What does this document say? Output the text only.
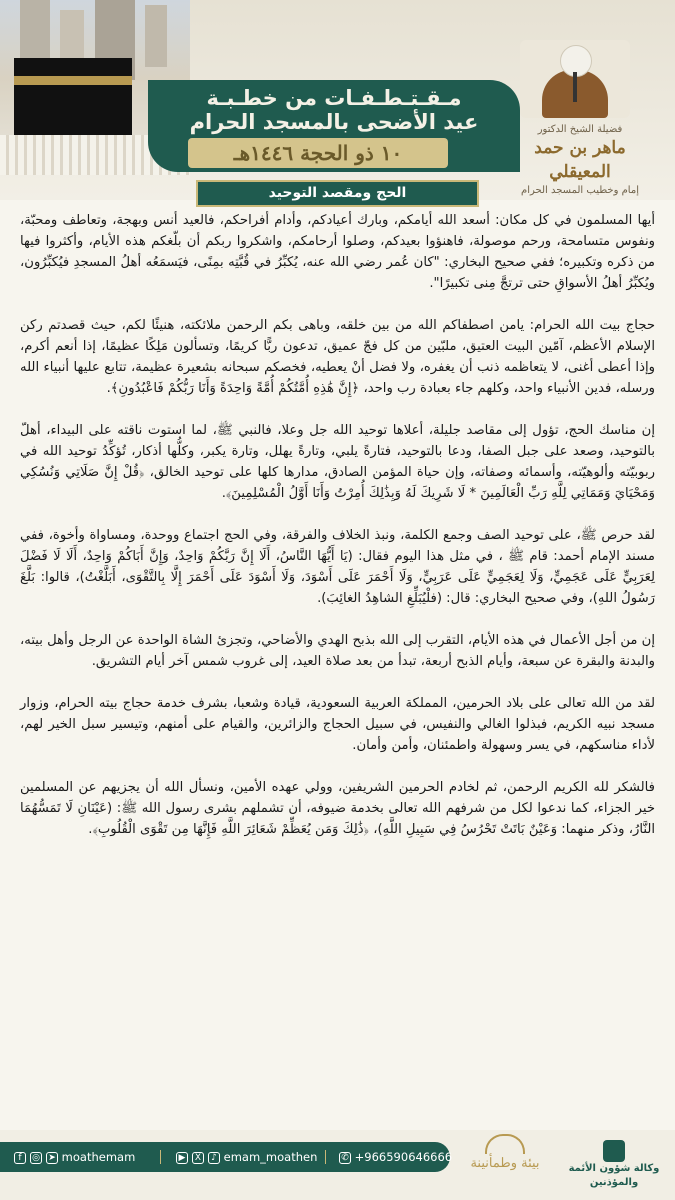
مـقـتـطـفـات من خطـبـة
عيد الأضحى بالمسجد الحرام
١٠ ذو الحجة ١٤٤٦هـ
فضيلة الشيخ الدكتور
ماهر بن حمد المعيقلي
إمام وخطيب المسجد الحرام
الحج ومقصد التوحيد

أيها المسلمون في كل مكان: أسعد الله أيامكم، وبارك أعيادكم، وأدام أفراحكم، فالعيد أنس وبهجة، وتعاطف ومحبّة، ونفوس متسامحة، ورحم موصولة، فاهنؤوا بعيدكم، وصلوا أرحامكم، واشكروا ربكم أن بلّغكم هذه الأيام، وأكثروا فيها من ذكره وتكبيره؛ ففي صحيح البخاري: "كان عُمر رضي الله عنه، يُكبِّرُ في قُبَّتِه بمِنًى، فيَسمَعُه أهلُ المسجدِ فيُكبِّرُون، ويُكبِّرُ أهلُ الأسواقِ حتى ترتجَّ مِنى تكبيرًا".

حجاج بيت الله الحرام: يامن اصطفاكم الله من بين خلقه، وباهى بكم الرحمن ملائكته، هنيئًا لكم، حيث قصدتم ركن الإسلام الأعظم، آمّين البيت العتيق، ملبّين من كل فجّ عميق، تدعون ربًّا كريمًا، وتسألون مَلِكًا عظيمًا، إذا أنعم أكرم، وإذا أعطى أغنى، لا يتعاظمه ذنب أن يغفره، ولا فضل أنْ يعطيه، فخصكم سبحانه بشعيرة عظيمة، تتابع عليها أنبياء الله ورسله، فدين الأنبياء واحد، وكلهم جاء بعبادة رب واحد، ﴿إِنَّ هَٰذِهِ أُمَّتُكُمْ أُمَّةً وَاحِدَةً وَأَنَا رَبُّكُمْ فَاعْبُدُونِ﴾.

إن مناسك الحج، تؤول إلى مقاصد جليلة، أعلاها توحيد الله جل وعلا، فالنبي ﷺ، لما استوت ناقته على البيداء، أهلّ بالتوحيد، وصعد على جبل الصفا، ودعا بالتوحيد، فتارةً يلبي، وتارةً يهلل، وتارة يكبر، وكلُّها أذكار، تُؤكِّدُ توحيد الله في ربوبيّته وألوهيّته، وأسمائه وصفاته، وإن حياة المؤمن الصادق، مدارها كلها على توحيد الخالق، ﴿قُلْ إِنَّ صَلَاتِي وَنُسُكِي وَمَحْيَايَ وَمَمَاتِي لِلَّهِ رَبِّ الْعَالَمِينَ * لَا شَرِيكَ لَهُ وَبِذَٰلِكَ أُمِرْتُ وَأَنَا أَوَّلُ الْمُسْلِمِينَ﴾.

لقد حرص ﷺ، على توحيد الصف وجمع الكلمة، ونبذ الخلاف والفرقة، وفي الحج اجتماع ووحدة، ومساواة وأخوة، ففي مسند الإمام أحمد: قام ﷺ ، في مثل هذا اليوم فقال: (يَا أَيُّهَا النَّاسُ، أَلَا إِنَّ رَبَّكُمْ وَاحِدٌ، وَإِنَّ أَبَاكُمْ وَاحِدٌ، أَلَا لَا فَضْلَ لِعَرَبِيٍّ عَلَى عَجَمِيٍّ، وَلَا لِعَجَمِيٍّ عَلَى عَرَبِيٍّ، وَلَا أَحْمَرَ عَلَى أَسْوَدَ، وَلَا أَسْوَدَ عَلَى أَحْمَرَ إِلَّا بِالتَّقْوَى، أَبَلَّغْتُ)، قالوا: بَلَّغَ رَسُولُ اللهِ)، وفي صحيح البخاري: قال: (فلْيُبَلِّغِ الشاهِدُ الغائِبَ).

إن من أجل الأعمال في هذه الأيام، التقرب إلى الله بذبح الهدي والأضاحي، وتجزئ الشاة الواحدة عن الرجل وأهل بيته، والبدنة والبقرة عن سبعة، وأيام الذبح أربعة، تبدأ من بعد صلاة العيد، إلى غروب شمس آخر أيام التشريق.

لقد من الله تعالى على بلاد الحرمين، المملكة العربية السعودية، قيادة وشعبا، بشرف خدمة حجاج بيته الحرام، وزوار مسجد نبيه الكريم، فبذلوا الغالي والنفيس، في سبيل الحجاج والزائرين، والقيام على أمنهم، وتيسير سبل الخير لهم، لأداء مناسكهم، في يسر وسهولة واطمئنان، وأمن وأمان.

فالشكر لله الكريم الرحمن، ثم لخادم الحرمين الشريفين، وولي عهده الأمين، ونسأل الله أن يجزيهم عن المسلمين خير الجزاء، كما ندعوا لكل من شرفهم الله تعالى بخدمة ضيوفه، أن تشملهم بشرى رسول الله ﷺ: (عَيْنَانِ لَا تَمَسُّهُمَا النَّارُ، وذكر منهما: وَعَيْنٌ بَاتَتْ تَحْرُسُ فِي سَبِيلِ اللَّهِ)، ﴿ذَٰلِكَ وَمَن يُعَظِّمْ شَعَائِرَ اللَّهِ فَإِنَّهَا مِن تَقْوَى الْقُلُوبِ﴾.

f ◎ ➤ moathemam	▶ X ♪ emam_moathen	✆ +966590646666	بيئة وطمأنينة	وكالة شؤون الأئمة والمؤذنين
